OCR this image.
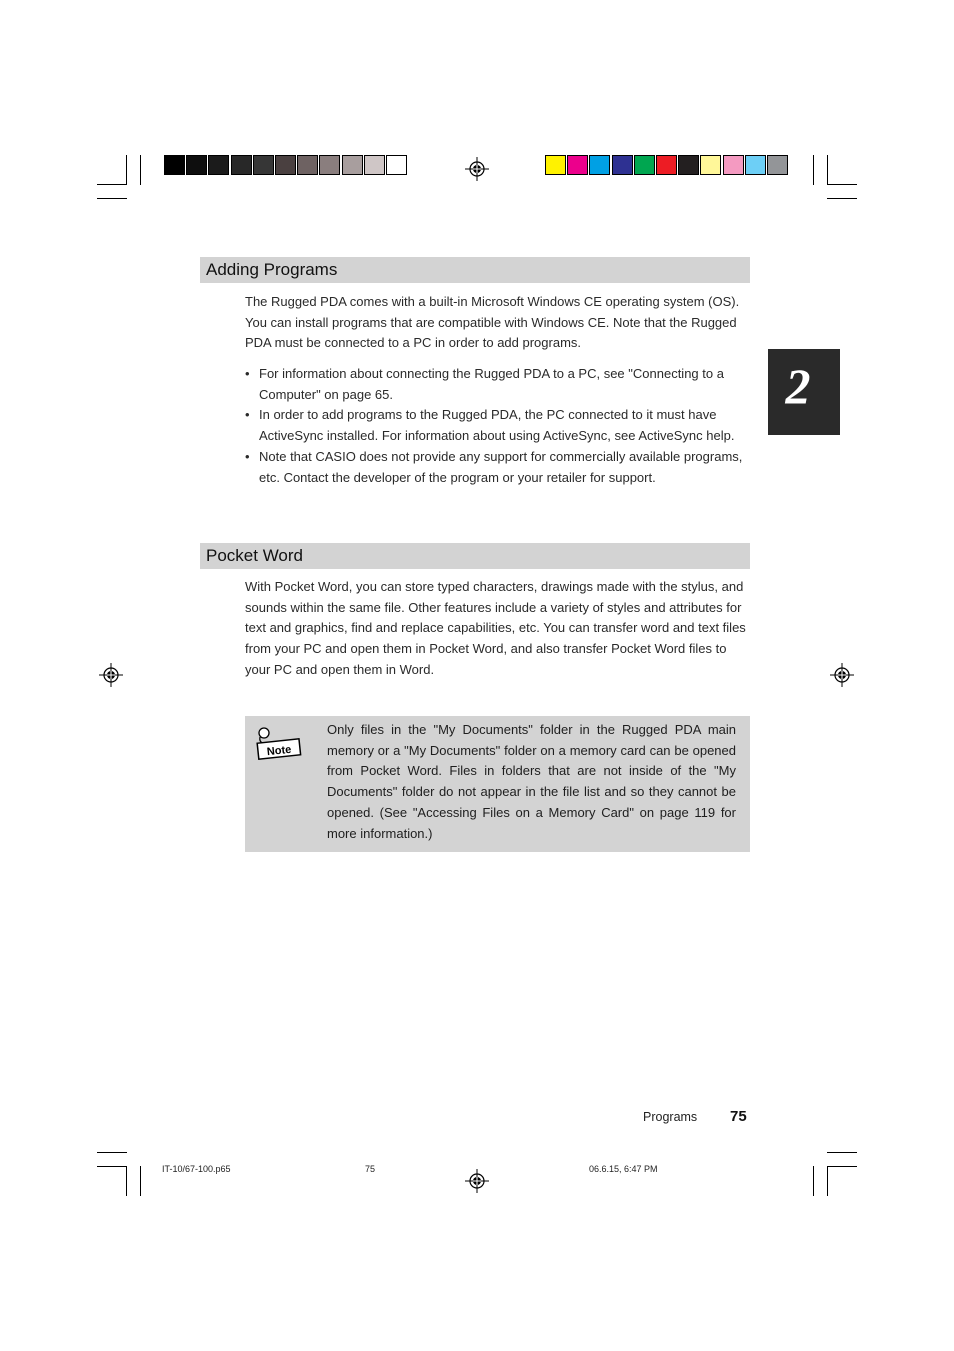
Adding Programs
The Rugged PDA comes with a built-in Microsoft Windows CE operating system (OS). You can install programs that are compatible with Windows CE. Note that the Rugged PDA must be connected to a PC in order to add programs.
• For information about connecting the Rugged PDA to a PC, see "Connecting to a Computer" on page 65.
• In order to add programs to the Rugged PDA, the PC connected to it must have ActiveSync installed. For information about using ActiveSync, see ActiveSync help.
• Note that CASIO does not provide any support for commercially available programs, etc. Contact the developer of the program or your retailer for support.
2
Pocket Word
With Pocket Word, you can store typed characters, drawings made with the stylus, and sounds within the same file. Other features include a variety of styles and attributes for text and graphics, find and replace capabilities, etc. You can transfer word and text files from your PC and open them in Pocket Word, and also transfer Pocket Word files to your PC and open them in Word.
Note
Only files in the "My Documents" folder in the Rugged PDA main memory or a "My Documents" folder on a memory card can be opened from Pocket Word. Files in folders that are not inside of the "My Documents" folder do not appear in the file list and so they cannot be opened. (See "Accessing Files on a Memory Card" on page 119 for more information.)
Programs 75
IT-10/67-100.p65	75	06.6.15, 6:47 PM
